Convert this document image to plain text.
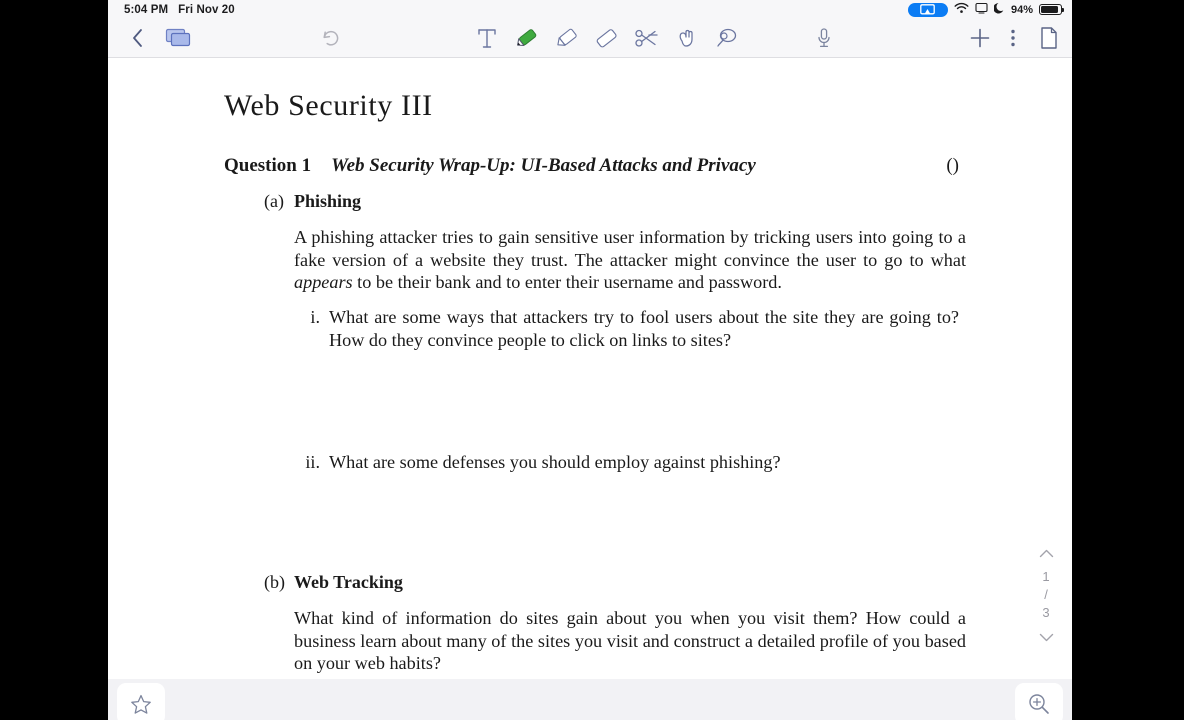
5:04 PM Fri Nov 20	94%
Web Security III
Question 1 Web Security Wrap-Up: UI-Based Attacks and Privacy	()
(a) Phishing
A phishing attacker tries to gain sensitive user information by tricking users into going to a fake version of a website they trust. The attacker might convince the user to go to what appears to be their bank and to enter their username and password.
i. What are some ways that attackers try to fool users about the site they are going to? How do they convince people to click on links to sites?
ii. What are some defenses you should employ against phishing?
(b) Web Tracking
What kind of information do sites gain about you when you visit them? How could a business learn about many of the sites you visit and construct a detailed profile of you based on your web habits?
1
/
3
